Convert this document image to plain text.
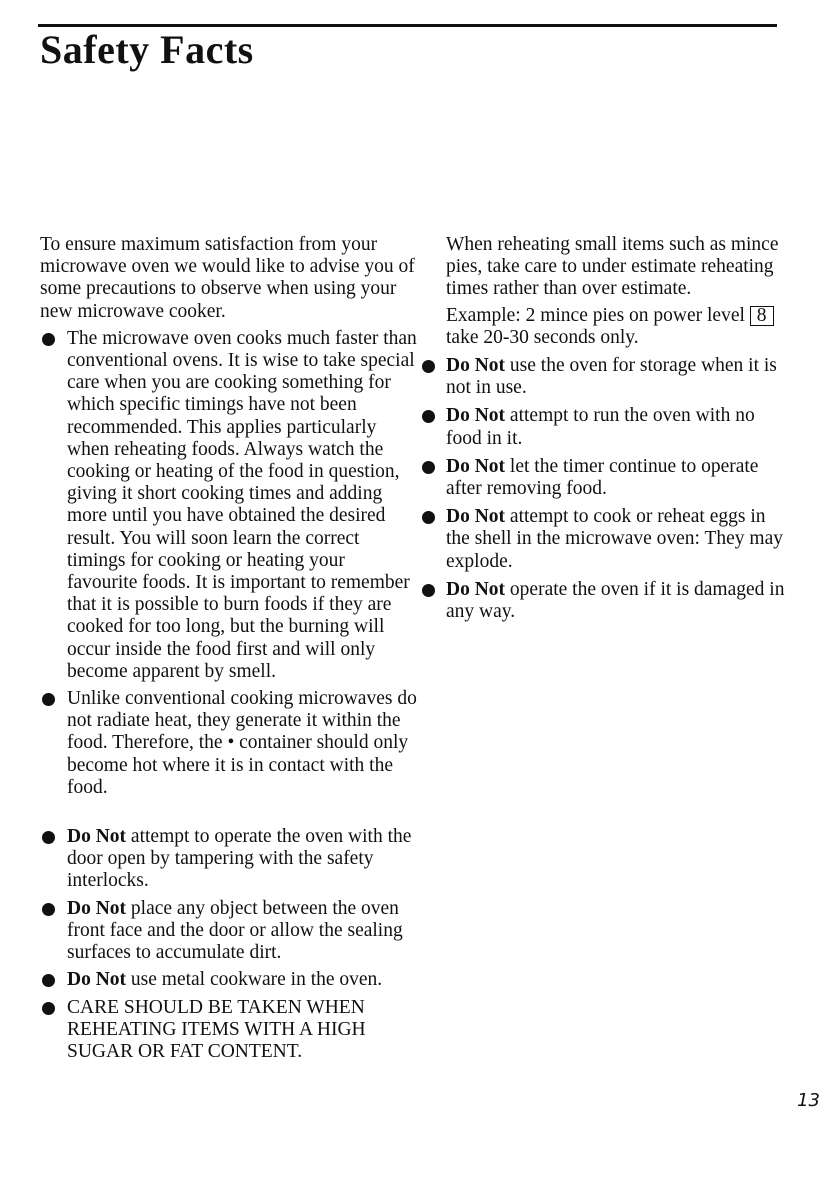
Safety Facts

To ensure maximum satisfaction from your microwave oven we would like to advise you of some precautions to observe when using your new microwave cooker.

The microwave oven cooks much faster than conventional ovens. It is wise to take special care when you are cooking something for which specific timings have not been recommended. This applies particularly when reheating foods. Always watch the cooking or heating of the food in question, giving it short cooking times and adding more until you have obtained the desired result. You will soon learn the correct timings for cooking or heating your favourite foods. It is important to remember that it is possible to burn foods if they are cooked for too long, but the burning will occur inside the food first and will only become apparent by smell.
Unlike conventional cooking microwaves do not radiate heat, they generate it within the food. Therefore, the • container should only become hot where it is in contact with the food.
Do Not attempt to operate the oven with the door open by tampering with the safety interlocks.
Do Not place any object between the oven front face and the door or allow the sealing surfaces to accumulate dirt.
Do Not use metal cookware in the oven.
CARE SHOULD BE TAKEN WHEN REHEATING ITEMS WITH A HIGH SUGAR OR FAT CONTENT.

When reheating small items such as mince pies, take care to under estimate reheating times rather than over estimate.

Example: 2 mince pies on power level 8 take 20-30 seconds only.

Do Not use the oven for storage when it is not in use.
Do Not attempt to run the oven with no food in it.
Do Not let the timer continue to operate after removing food.
Do Not attempt to cook or reheat eggs in the shell in the microwave oven: They may explode.
Do Not operate the oven if it is damaged in any way.
13
